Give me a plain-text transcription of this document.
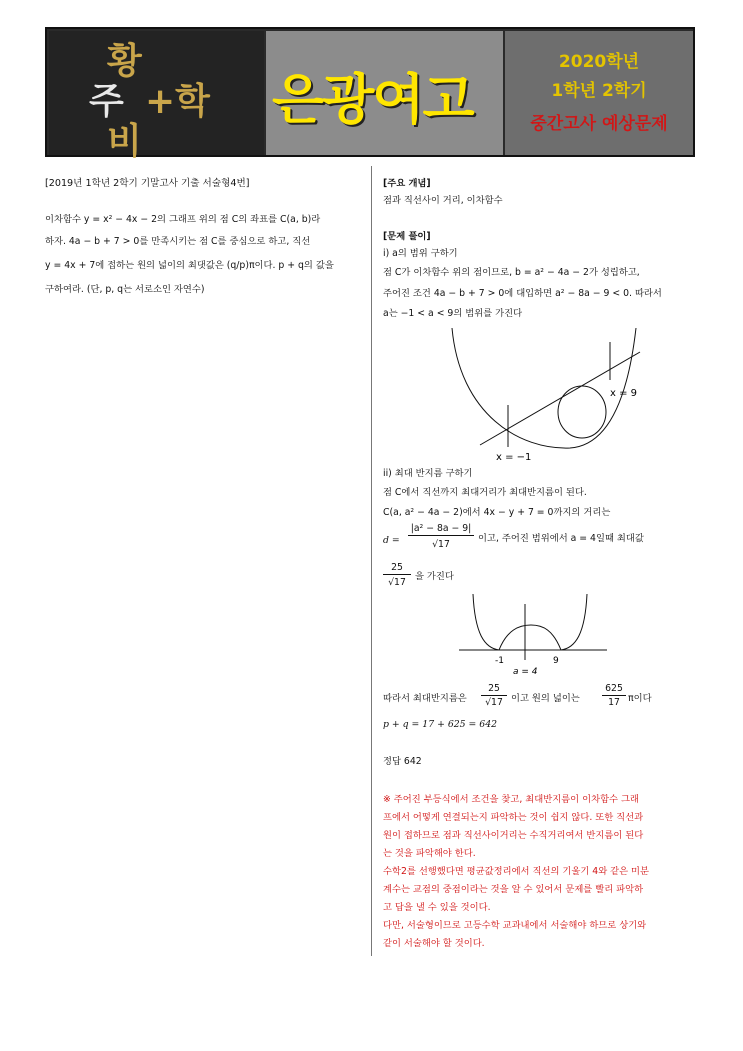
황
주 +학
비
은광여고
2020학년
1학년 2학기
중간고사 예상문제
[2019년 1학년 2학기 기말고사 기출 서술형4번]
이차함수 y = x² − 4x − 2의 그래프 위의 점 C의 좌표를 C(a, b)라
하자. 4a − b + 7 > 0를 만족시키는 점 C를 중심으로 하고, 직선
y = 4x + 7에 접하는 원의 넓이의 최댓값은 (q/p)π이다. p + q의 값을
구하여라. (단, p, q는 서로소인 자연수)
[주요 개념]
점과 직선사이 거리, 이차함수
[문제 풀이]
i) a의 범위 구하기
점 C가 이차함수 위의 점이므로, b = a² − 4a − 2가 성립하고,
주어진 조건 4a − b + 7 > 0에 대입하면 a² − 8a − 9 < 0. 따라서
a는 −1 < a < 9의 범위를 가진다
x = 9
x = −1
ii) 최대 반지름 구하기
점 C에서 직선까지 최대거리가 최대반지름이 된다.
C(a, a² − 4a − 2)에서 4x − y + 7 = 0까지의 거리는
d =
|a² − 8a − 9|
√17
이고, 주어진 범위에서 a = 4일때 최대값
25
√17
을 가진다
-1	9
a = 4
따라서 최대반지름은
25
√17 이고 원의 넓이는
625
17 π이다
p + q = 17 + 625 = 642
정답 642
※ 주어진 부등식에서 조건을 찾고, 최대반지름이 이차함수 그래
프에서 어떻게 연결되는지 파악하는 것이 쉽지 않다. 또한 직선과
원이 접하므로 점과 직선사이거리는 수직거리여서 반지름이 된다
는 것을 파악해야 한다.
수학2를 선행했다면 평균값정리에서 직선의 기울기 4와 같은 미분
계수는 교점의 중점이라는 것을 알 수 있어서 문제를 빨리 파악하
고 답을 낼 수 있을 것이다.
다만, 서술형이므로 고등수학 교과내에서 서술해야 하므로 상기와
같이 서술해야 할 것이다.
